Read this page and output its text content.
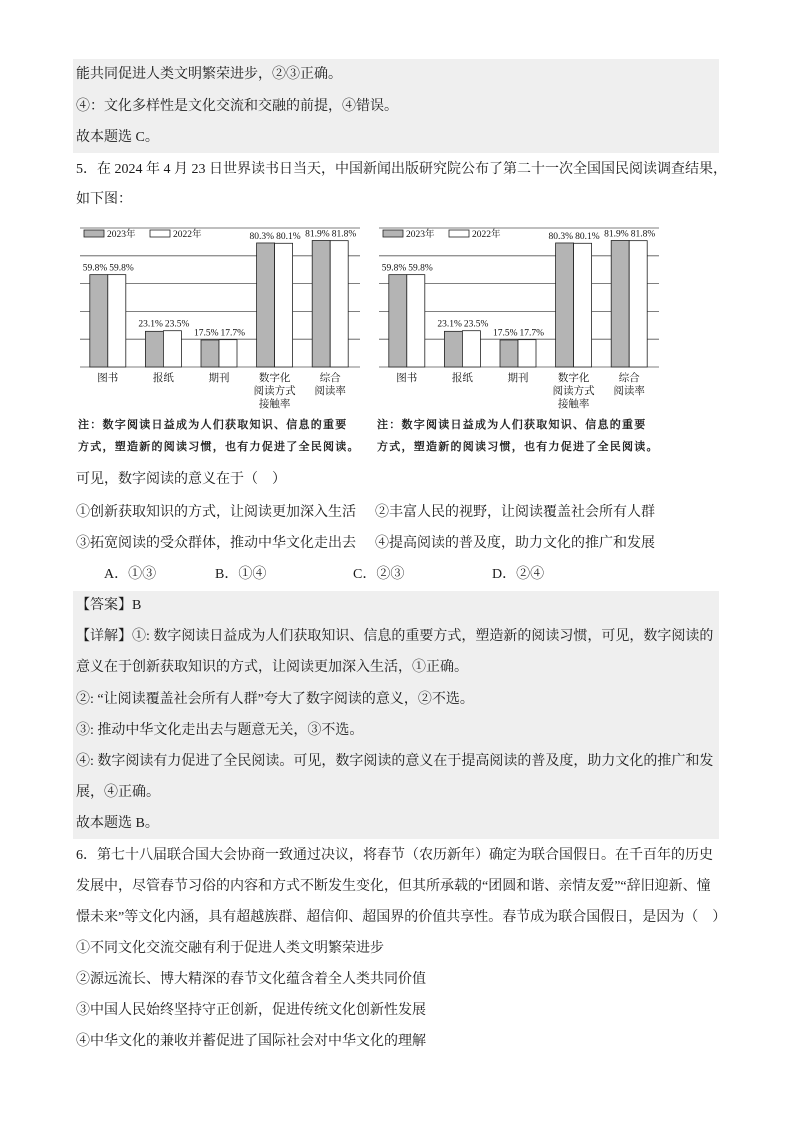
能共同促进人类文明繁荣进步，②③正确。
④：文化多样性是文化交流和交融的前提，④错误。
故本题选 C。
5．在 2024 年 4 月 23 日世界读书日当天，中国新闻出版研究院公布了第二十一次全国国民阅读调查结果，
如下图：
59.8% 59.8%
图书
23.1% 23.5%
报纸
17.5% 17.7%
期刊
80.3% 80.1%
数字化
阅读方式
接触率
81.9% 81.8%
综合
阅读率
2023年	2022年
注：数字阅读日益成为人们获取知识、信息的重要
方式，塑造新的阅读习惯，也有力促进了全民阅读。
59.8% 59.8%
图书
23.1% 23.5%
报纸
17.5% 17.7%
期刊
80.3% 80.1%
数字化
阅读方式
接触率
81.9% 81.8%
综合
阅读率
2023年	2022年
注：数字阅读日益成为人们获取知识、信息的重要
方式，塑造新的阅读习惯，也有力促进了全民阅读。
可见，数字阅读的意义在于（　）
①创新获取知识的方式，让阅读更加深入生活 ②丰富人民的视野，让阅读覆盖社会所有人群
③拓宽阅读的受众群体，推动中华文化走出去 ④提高阅读的普及度，助力文化的推广和发展
A．①③	B．①④	C．②③	D．②④
【答案】B
【详解】①: 数字阅读日益成为人们获取知识、信息的重要方式，塑造新的阅读习惯，可见，数字阅读的
意义在于创新获取知识的方式，让阅读更加深入生活，①正确。
②: “让阅读覆盖社会所有人群”夸大了数字阅读的意义，②不选。
③: 推动中华文化走出去与题意无关，③不选。
④: 数字阅读有力促进了全民阅读。可见，数字阅读的意义在于提高阅读的普及度，助力文化的推广和发
展，④正确。
故本题选 B。
6．第七十八届联合国大会协商一致通过决议，将春节（农历新年）确定为联合国假日。在千百年的历史
发展中，尽管春节习俗的内容和方式不断发生变化，但其所承载的“团圆和谐、亲情友爱”“辞旧迎新、憧
憬未来”等文化内涵，具有超越族群、超信仰、超国界的价值共享性。春节成为联合国假日，是因为（　）
①不同文化交流交融有利于促进人类文明繁荣进步
②源远流长、博大精深的春节文化蕴含着全人类共同价值
③中国人民始终坚持守正创新，促进传统文化创新性发展
④中华文化的兼收并蓄促进了国际社会对中华文化的理解
